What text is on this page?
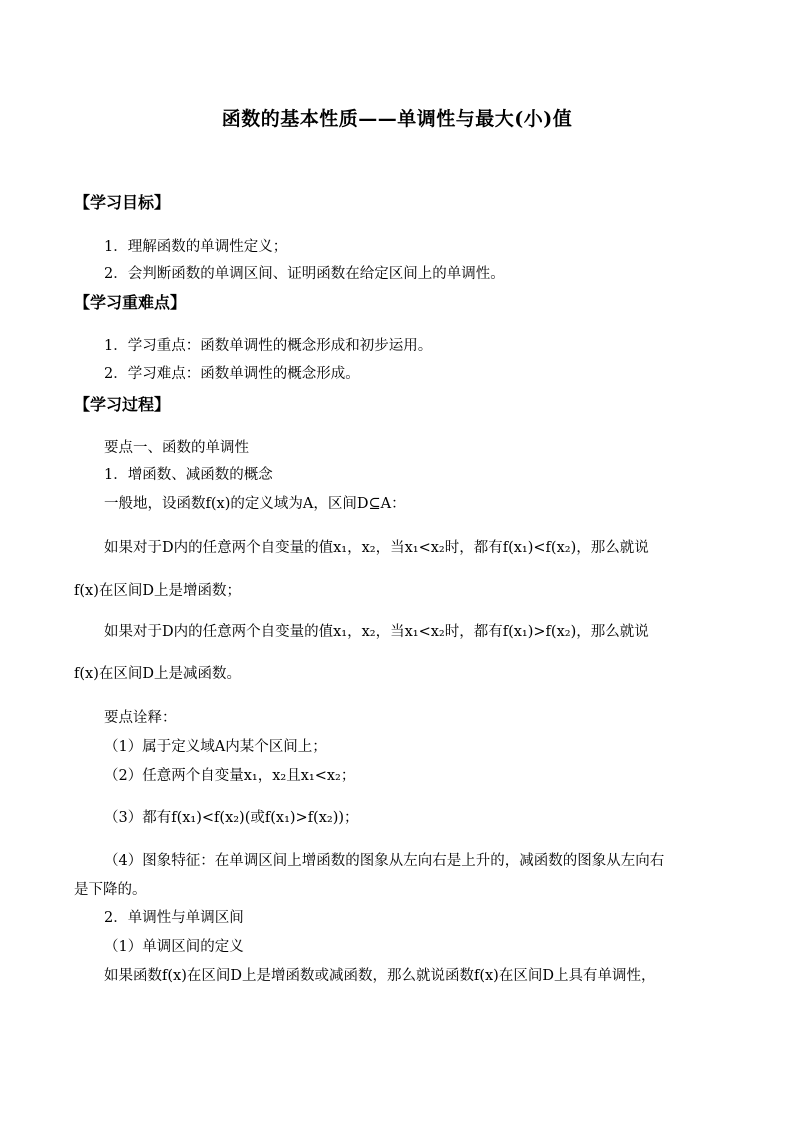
函数的基本性质——单调性与最大(小)值
【学习目标】
1．理解函数的单调性定义；
2．会判断函数的单调区间、证明函数在给定区间上的单调性。
【学习重难点】
1．学习重点：函数单调性的概念形成和初步运用。
2．学习难点：函数单调性的概念形成。
【学习过程】
要点一、函数的单调性
1．增函数、减函数的概念
一般地，设函数f(x)的定义域为A，区间D⊆A：
如果对于D内的任意两个自变量的值x₁，x₂，当x₁<x₂时，都有f(x₁)<f(x₂)，那么就说
f(x)在区间D上是增函数；
如果对于D内的任意两个自变量的值x₁，x₂，当x₁<x₂时，都有f(x₁)>f(x₂)，那么就说
f(x)在区间D上是减函数。
要点诠释：
（1）属于定义域A内某个区间上；
（2）任意两个自变量x₁，x₂且x₁<x₂；
（3）都有f(x₁)<f(x₂)(或f(x₁)>f(x₂))；
（4）图象特征：在单调区间上增函数的图象从左向右是上升的，减函数的图象从左向右
是下降的。
2．单调性与单调区间
（1）单调区间的定义
如果函数f(x)在区间D上是增函数或减函数，那么就说函数f(x)在区间D上具有单调性，
